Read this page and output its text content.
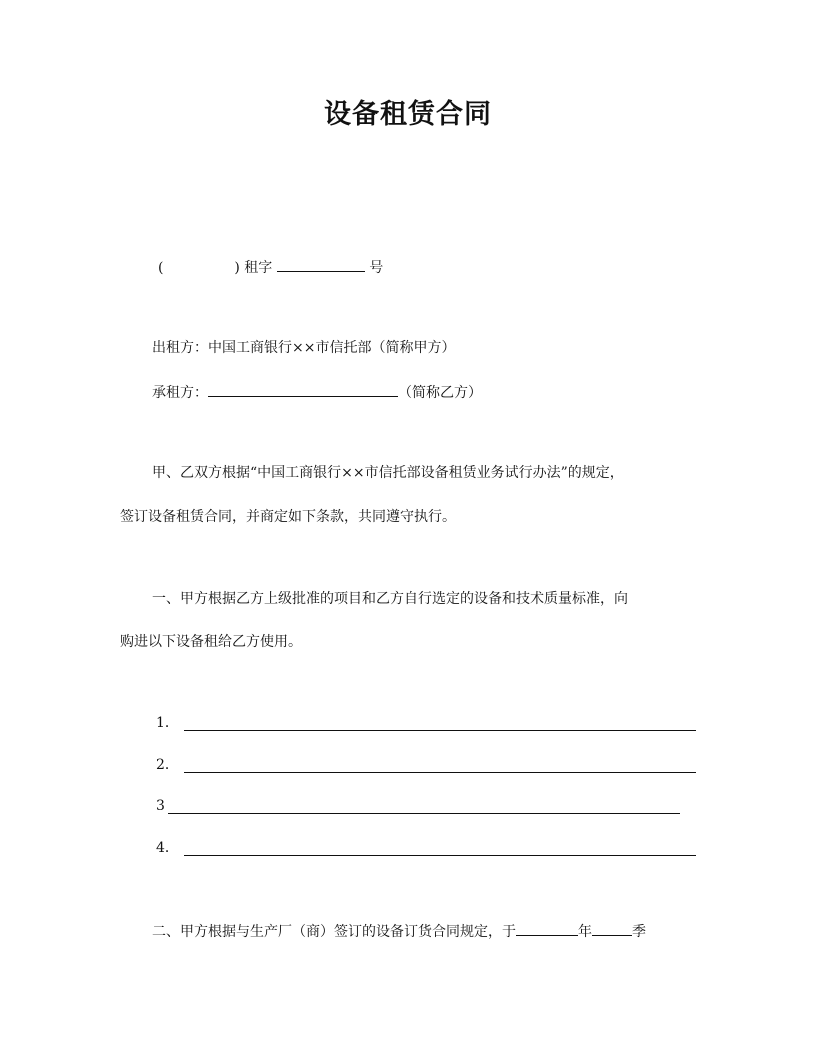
设备租赁合同
(	) 租字	号
出租方：中国工商银行××市信托部（简称甲方）
承租方：	（简称乙方）
甲、乙双方根据“中国工商银行××市信托部设备租赁业务试行办法”的规定，
签订设备租赁合同，并商定如下条款，共同遵守执行。
一、甲方根据乙方上级批准的项目和乙方自行选定的设备和技术质量标准，向
购进以下设备租给乙方使用。
1．
2．
3
4．
二、甲方根据与生产厂（商）签订的设备订货合同规定，于	年	季
